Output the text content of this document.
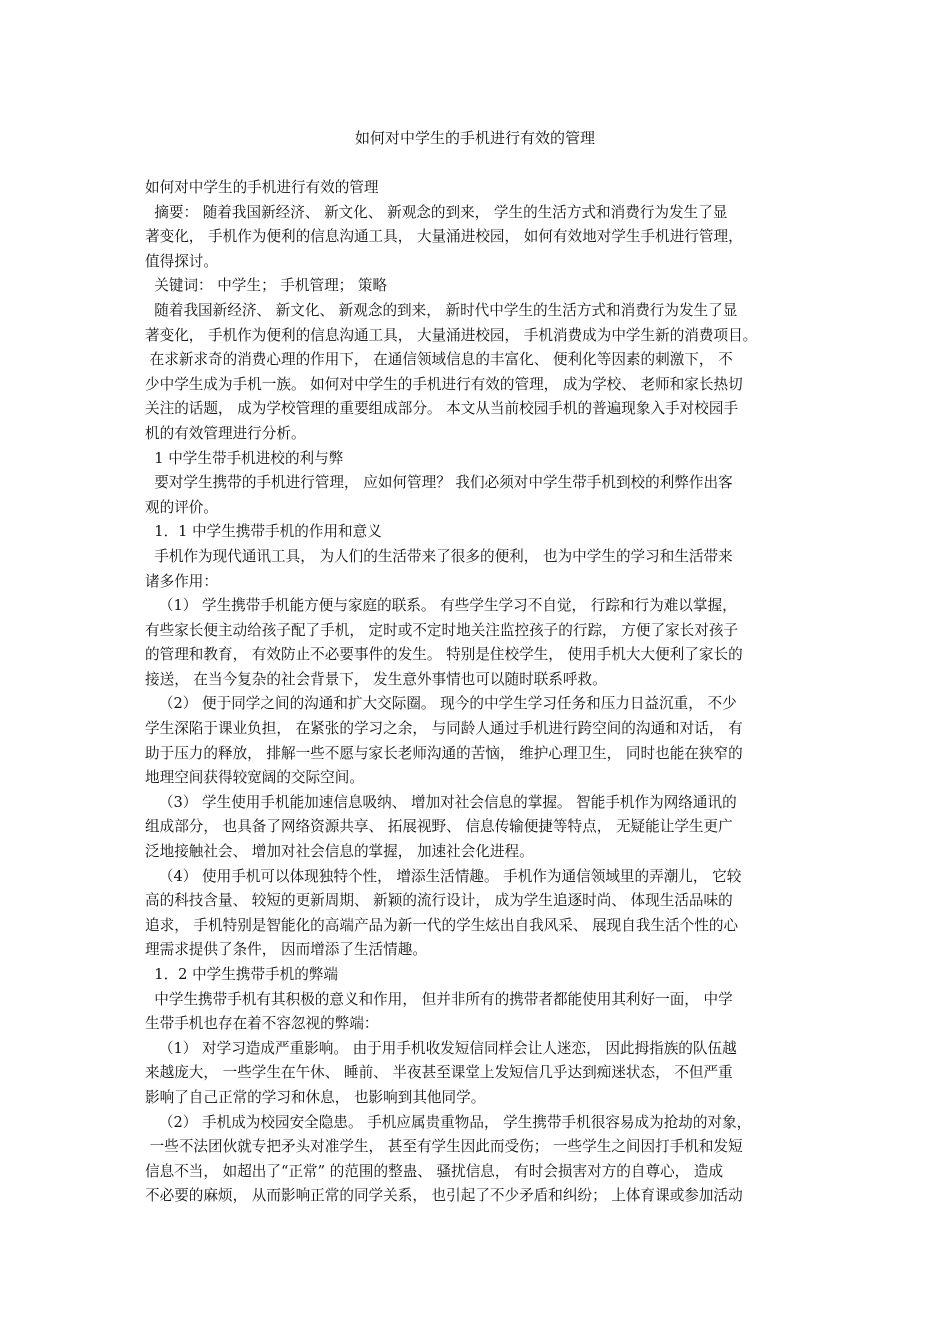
如何对中学生的手机进行有效的管理
如何对中学生的手机进行有效的管理
摘要： 随着我国新经济、 新文化、 新观念的到来， 学生的生活方式和消费行为发生了显
著变化， 手机作为便利的信息沟通工具， 大量涌进校园， 如何有效地对学生手机进行管理，
值得探讨。
关键词： 中学生； 手机管理； 策略
随着我国新经济、 新文化、 新观念的到来， 新时代中学生的生活方式和消费行为发生了显
著变化， 手机作为便利的信息沟通工具， 大量涌进校园， 手机消费成为中学生新的消费项目。
在求新求奇的消费心理的作用下， 在通信领域信息的丰富化、 便利化等因素的刺激下， 不
少中学生成为手机一族。 如何对中学生的手机进行有效的管理， 成为学校、 老师和家长热切
关注的话题， 成为学校管理的重要组成部分。 本文从当前校园手机的普遍现象入手对校园手
机的有效管理进行分析。
1 中学生带手机进校的利与弊
要对学生携带的手机进行管理， 应如何管理？ 我们必须对中学生带手机到校的利弊作出客
观的评价。
1．1 中学生携带手机的作用和意义
手机作为现代通讯工具， 为人们的生活带来了很多的便利， 也为中学生的学习和生活带来
诸多作用：
（1） 学生携带手机能方便与家庭的联系。 有些学生学习不自觉， 行踪和行为难以掌握，
有些家长便主动给孩子配了手机， 定时或不定时地关注监控孩子的行踪， 方便了家长对孩子
的管理和教育， 有效防止不必要事件的发生。 特别是住校学生， 使用手机大大便利了家长的
接送， 在当今复杂的社会背景下， 发生意外事情也可以随时联系呼救。
（2） 便于同学之间的沟通和扩大交际圈。 现今的中学生学习任务和压力日益沉重， 不少
学生深陷于课业负担， 在紧张的学习之余， 与同龄人通过手机进行跨空间的沟通和对话， 有
助于压力的释放， 排解一些不愿与家长老师沟通的苦恼， 维护心理卫生， 同时也能在狭窄的
地理空间获得较宽阔的交际空间。
（3） 学生使用手机能加速信息吸纳、 增加对社会信息的掌握。 智能手机作为网络通讯的
组成部分， 也具备了网络资源共享、 拓展视野、 信息传输便捷等特点， 无疑能让学生更广
泛地接触社会、 增加对社会信息的掌握， 加速社会化进程。
（4） 使用手机可以体现独特个性， 增添生活情趣。 手机作为通信领域里的弄潮儿， 它较
高的科技含量、 较短的更新周期、 新颖的流行设计， 成为学生追逐时尚、 体现生活品味的
追求， 手机特别是智能化的高端产品为新一代的学生炫出自我风采、 展现自我生活个性的心
理需求提供了条件， 因而增添了生活情趣。
1．2 中学生携带手机的弊端
中学生携带手机有其积极的意义和作用， 但并非所有的携带者都能使用其利好一面， 中学
生带手机也存在着不容忽视的弊端：
（1） 对学习造成严重影响。 由于用手机收发短信同样会让人迷恋， 因此拇指族的队伍越
来越庞大， 一些学生在午休、 睡前、 半夜甚至课堂上发短信几乎达到痴迷状态， 不但严重
影响了自己正常的学习和休息， 也影响到其他同学。
（2） 手机成为校园安全隐患。 手机应属贵重物品， 学生携带手机很容易成为抢劫的对象，
一些不法团伙就专把矛头对准学生， 甚至有学生因此而受伤； 一些学生之间因打手机和发短
信息不当， 如超出了“正常” 的范围的整蛊、 骚扰信息， 有时会损害对方的自尊心， 造成
不必要的麻烦， 从而影响正常的同学关系， 也引起了不少矛盾和纠纷； 上体育课或参加活动
